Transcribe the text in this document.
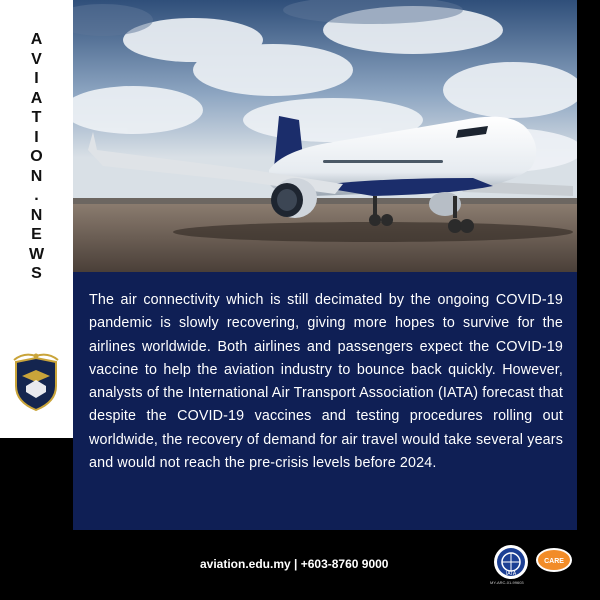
A
V
I
A
T
I
O
N
.
N
E
W
S

The air connectivity which is still decimated by the ongoing COVID-19 pandemic is slowly recovering, giving more hopes to survive for the airlines worldwide. Both airlines and passengers expect the COVID-19 vaccine to help the aviation industry to bounce back quickly. However, analysts of the International Air Transport Association (IATA) forecast that despite the COVID-19 vaccines and testing procedures rolling out worldwide, the recovery of demand for air travel would take several years and would not reach the pre-crisis levels before 2024.

aviation.edu.my | +603-8760 9000
IATA
CARE
MY-ARC-01-99603
